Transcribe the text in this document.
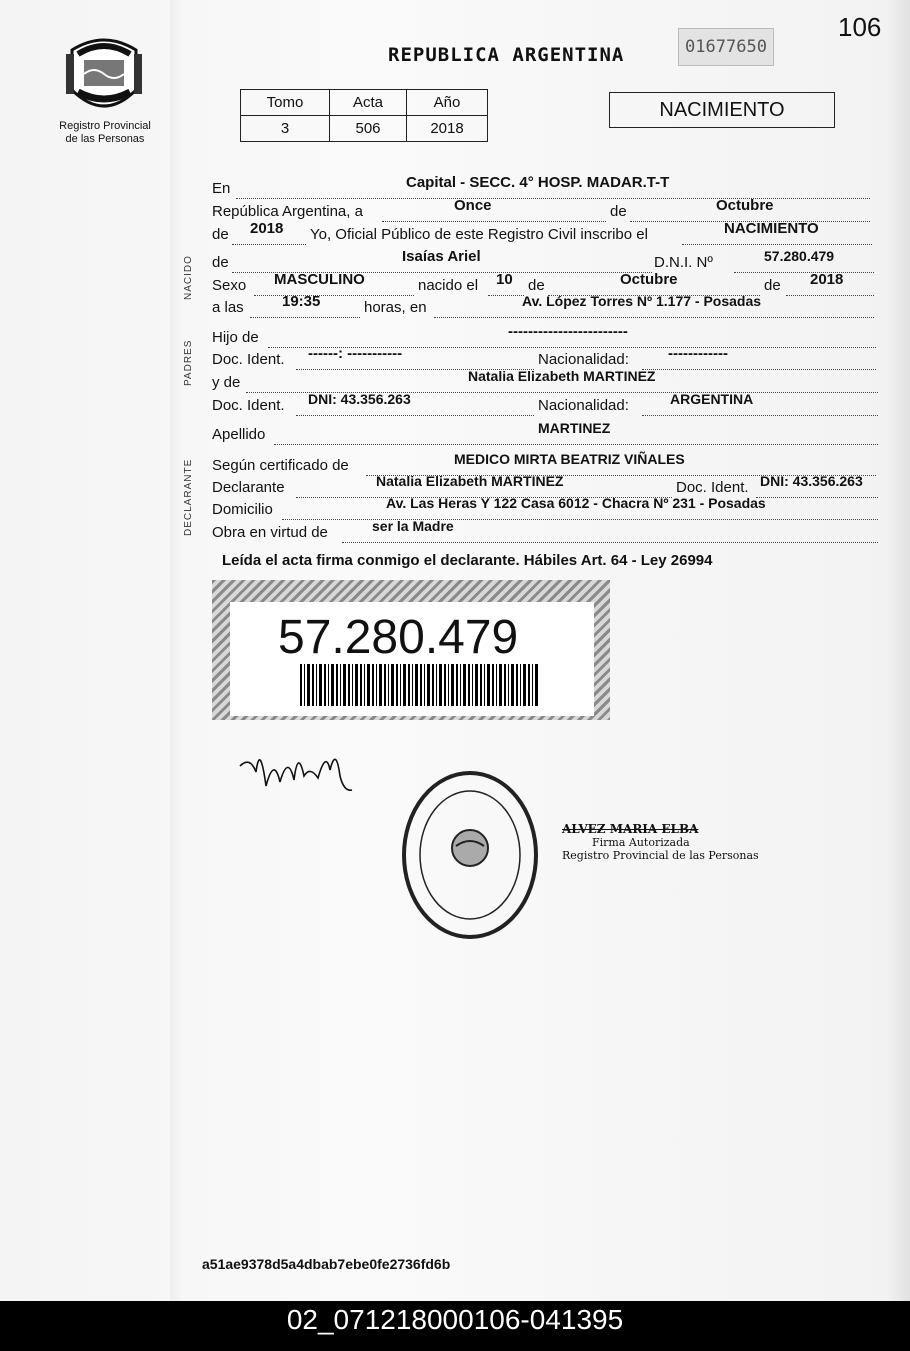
106
Registro Provincial
de las Personas
REPUBLICA ARGENTINA	01677650
Tomo	Acta	Año
3	506	2018
NACIMIENTO
En	Capital - SECC. 4° HOSP. MADAR.T-T
República Argentina, a	Once	de	Octubre
de 2018 Yo, Oficial Público de este Registro Civil inscribo el	NACIMIENTO
de	Isaías Ariel	D.N.I. Nº	57.280.479
Sexo MASCULINO	nacido el 10 de	Octubre	de 2018
a las	19:35	horas, en	Av. López Torres Nº 1.177 - Posadas
Hijo de	------------------------
Doc. Ident. ------: -----------	Nacionalidad:	------------
y de	Natalia Elizabeth MARTINEZ
Doc. Ident. DNI: 43.356.263	Nacionalidad:	ARGENTINA
Apellido	MARTINEZ
Según certificado de	MEDICO MIRTA BEATRIZ VIÑALES
Declarante	Natalia Elizabeth MARTINEZ	Doc. Ident. DNI: 43.356.263
Domicilio	Av. Las Heras Y 122 Casa 6012 - Chacra Nº 231 - Posadas
Obra en virtud de	ser la Madre
NACIDO
PADRES
DECLARANTE
Leída el acta firma conmigo el declarante. Hábiles Art. 64 - Ley 26994
57.280.479
ALVEZ MARIA ELBA
Firma Autorizada
Registro Provincial de las Personas
a51ae9378d5a4dbab7ebe0fe2736fd6b
02_071218000106-041395
